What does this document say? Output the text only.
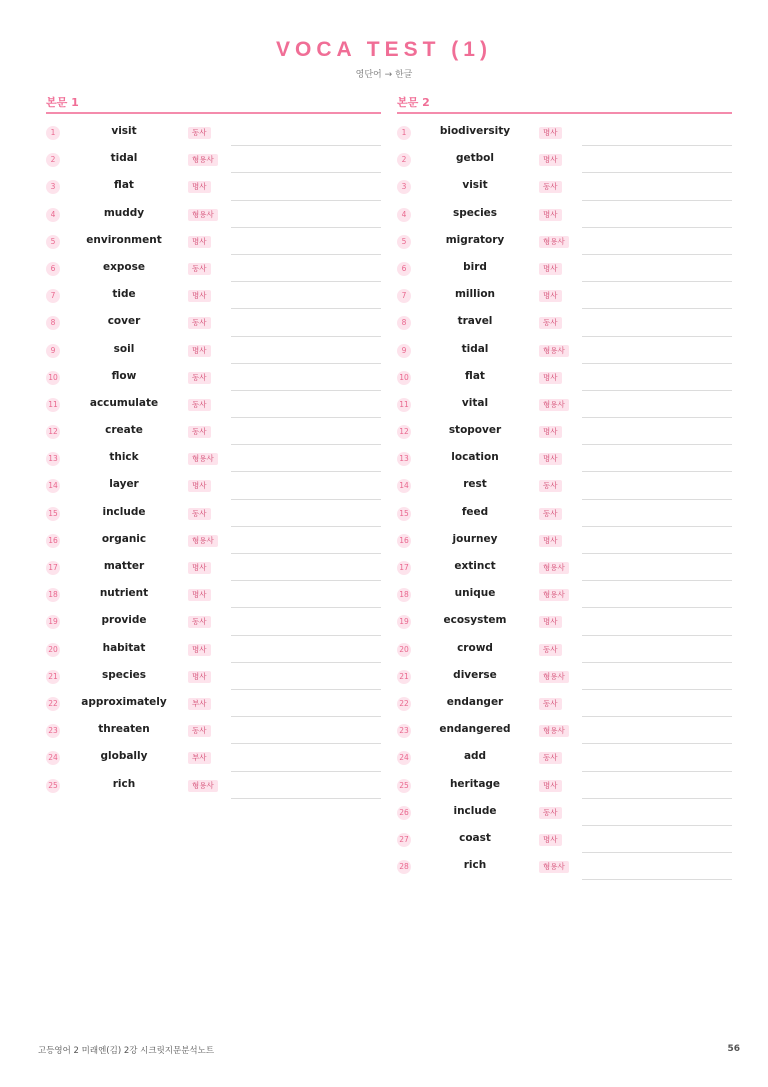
VOCA TEST (1)
영단어 → 한글
본문 1	본문 2
1	visit	동사
2	tidal	형용사
3	flat	명사
4	muddy	형용사
5	environment	명사
6	expose	동사
7	tide	명사
8	cover	동사
9	soil	명사
10	flow	동사
11	accumulate	동사
12	create	동사
13	thick	형용사
14	layer	명사
15	include	동사
16	organic	형용사
17	matter	명사
18	nutrient	명사
19	provide	동사
20	habitat	명사
21	species	명사
22	approximately	부사
23	threaten	동사
24	globally	부사
25	rich	형용사
1	biodiversity	명사
2	getbol	명사
3	visit	동사
4	species	명사
5	migratory	형용사
6	bird	명사
7	million	명사
8	travel	동사
9	tidal	형용사
10	flat	명사
11	vital	형용사
12	stopover	명사
13	location	명사
14	rest	동사
15	feed	동사
16	journey	명사
17	extinct	형용사
18	unique	형용사
19	ecosystem	명사
20	crowd	동사
21	diverse	형용사
22	endanger	동사
23	endangered	형용사
24	add	동사
25	heritage	명사
26	include	동사
27	coast	명사
28	rich	형용사
고등영어 2 미래엔(김) 2강 시크릿지문분석노트	56
